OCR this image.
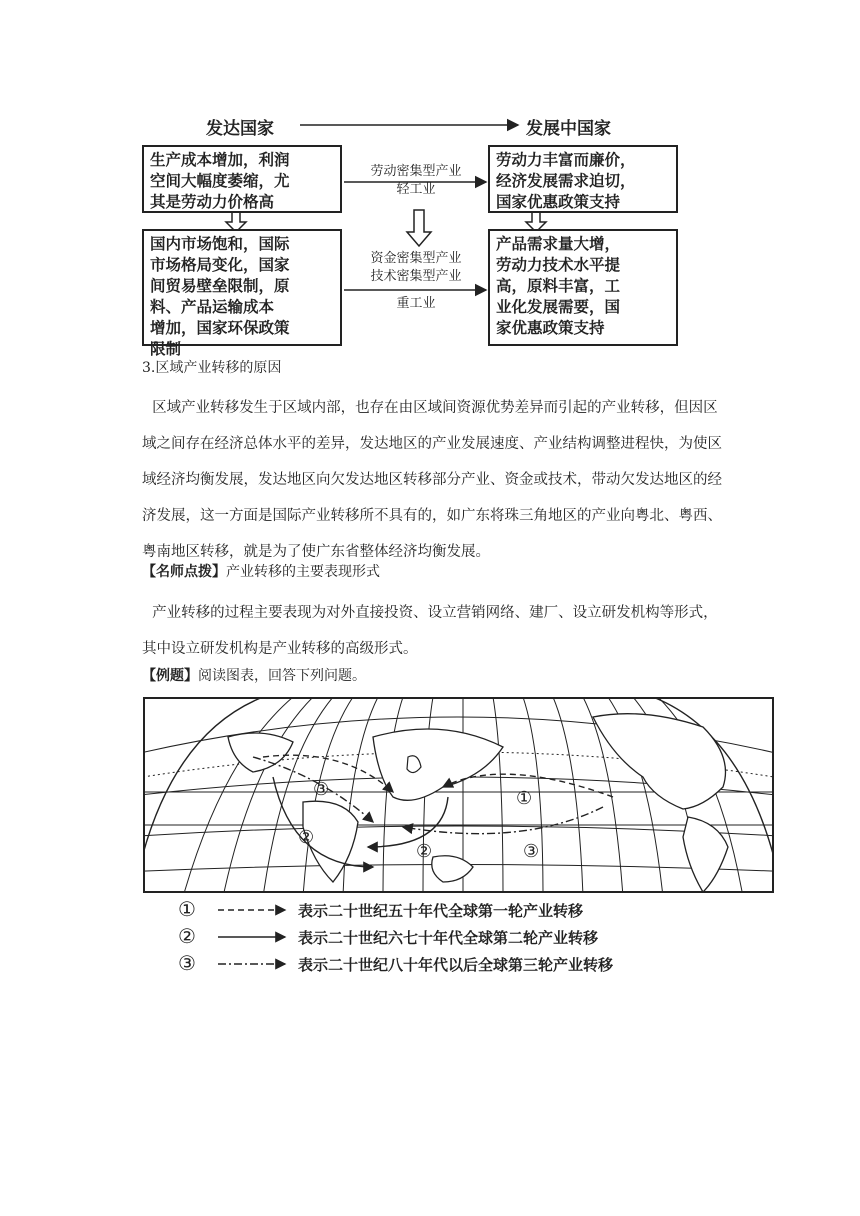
发达国家	发展中国家
生产成本增加，利润
空间大幅度萎缩，尤
其是劳动力价格高
国内市场饱和，国际
市场格局变化，国家
间贸易壁垒限制，原
料、产品运输成本
增加，国家环保政策
限制
劳动密集型产业
轻工业
资金密集型产业
技术密集型产业
重工业
劳动力丰富而廉价，
经济发展需求迫切，
国家优惠政策支持
产品需求量大增，
劳动力技术水平提
高，原料丰富，工
业化发展需要，国
家优惠政策支持
3.区域产业转移的原因
区域产业转移发生于区域内部，也存在由区域间资源优势差异而引起的产业转移，但因区域之间存在经济总体水平的差异，发达地区的产业发展速度、产业结构调整进程快，为使区域经济均衡发展，发达地区向欠发达地区转移部分产业、资金或技术，带动欠发达地区的经济发展，这一方面是国际产业转移所不具有的，如广东将珠三角地区的产业向粤北、粤西、粤南地区转移，就是为了使广东省整体经济均衡发展。
【名师点拨】产业转移的主要表现形式
产业转移的过程主要表现为对外直接投资、设立营销网络、建厂、设立研发机构等形式，其中设立研发机构是产业转移的高级形式。
【例题】阅读图表，回答下列问题。
①
③
②
②	③
①	表示二十世纪五十年代全球第一轮产业转移
②	表示二十世纪六七十年代全球第二轮产业转移
③	表示二十世纪八十年代以后全球第三轮产业转移
